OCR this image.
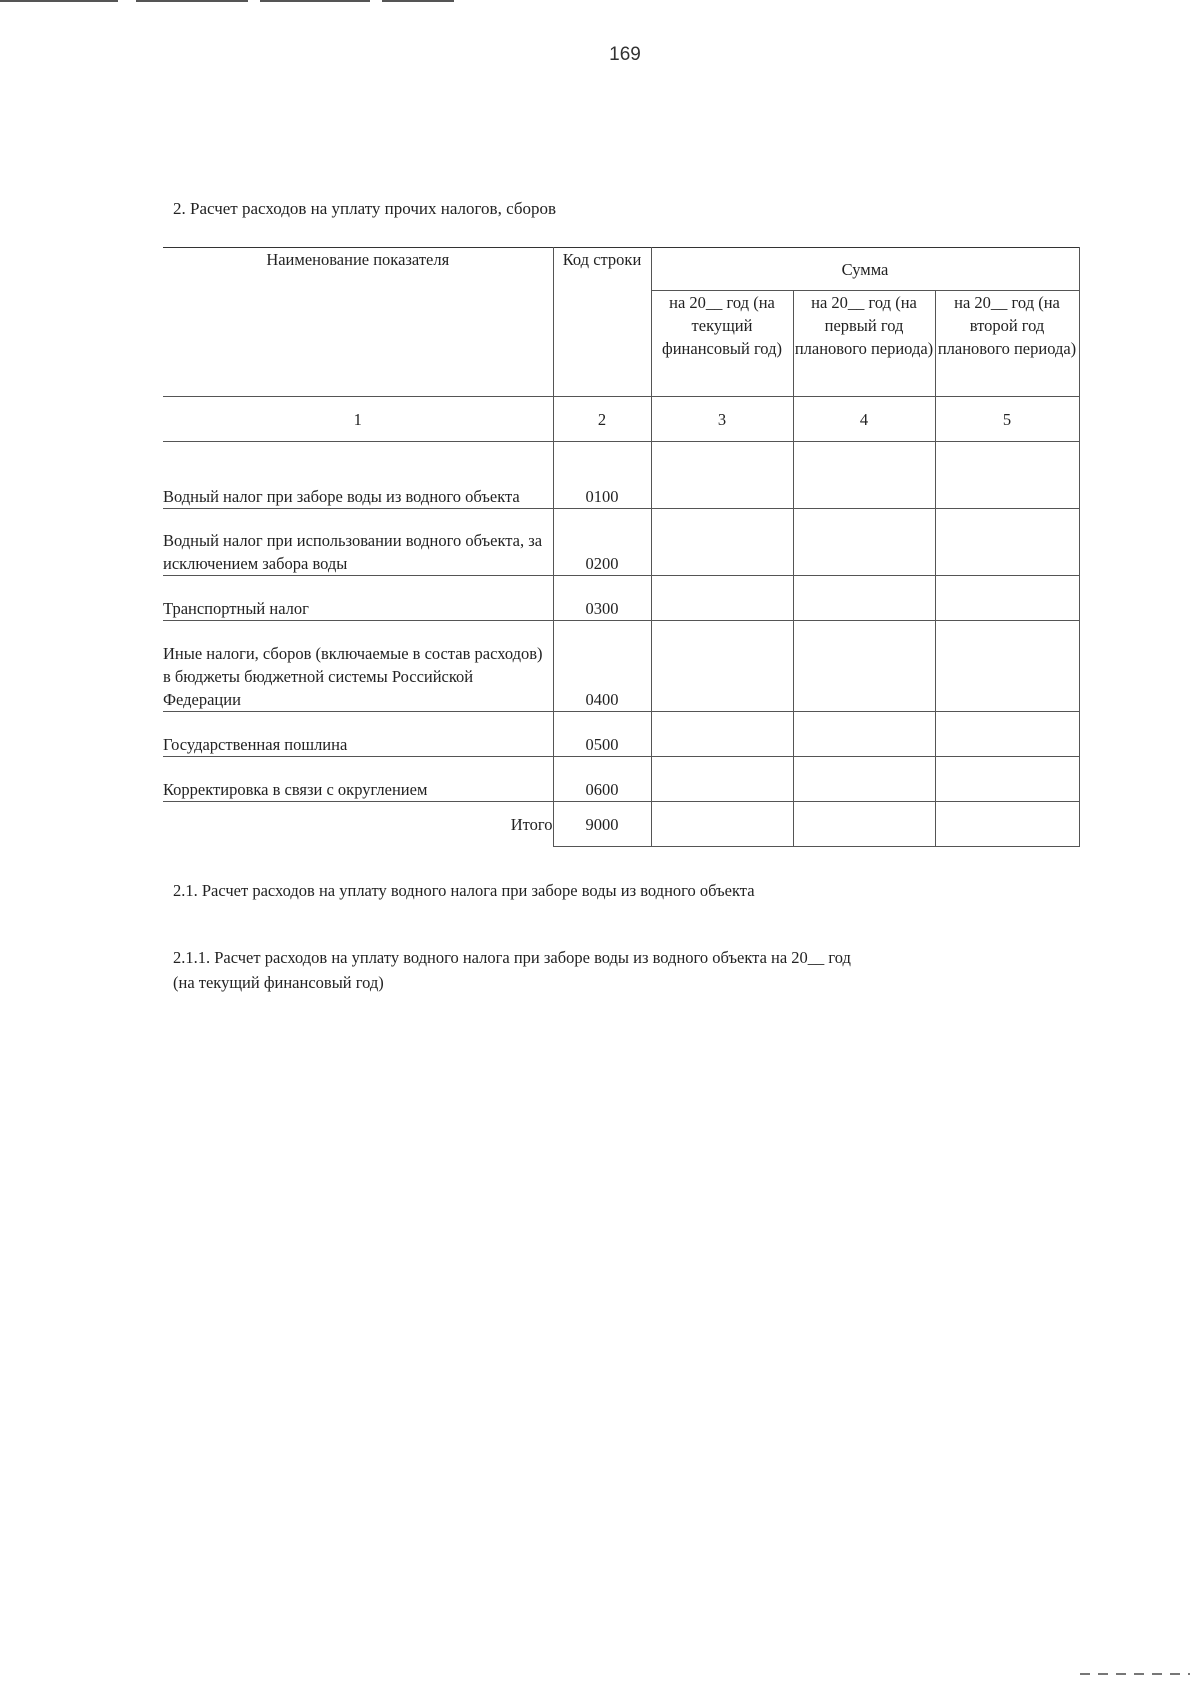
169
2. Расчет расходов на уплату прочих налогов, сборов
Наименование показателя	Код строки	Сумма		
		на 20__ год (на текущий финансовый год)	на 20__ год (на первый год планового периода)	на 20__ год (на второй год планового периода)
1	2	3	4	5
Водный налог при заборе воды из водного объекта	0100			
Водный налог при использовании водного объекта, за исключением забора воды	0200			
Транспортный налог	0300			
Иные налоги, сборов (включаемые в состав расходов) в бюджеты бюджетной системы Российской Федерации	0400			
Государственная пошлина	0500			
Корректировка в связи с округлением	0600			
Итого	9000			
2.1. Расчет расходов на уплату водного налога при заборе воды из водного объекта
2.1.1. Расчет расходов на уплату водного налога при заборе воды из водного объекта на 20__ год (на текущий финансовый год)
